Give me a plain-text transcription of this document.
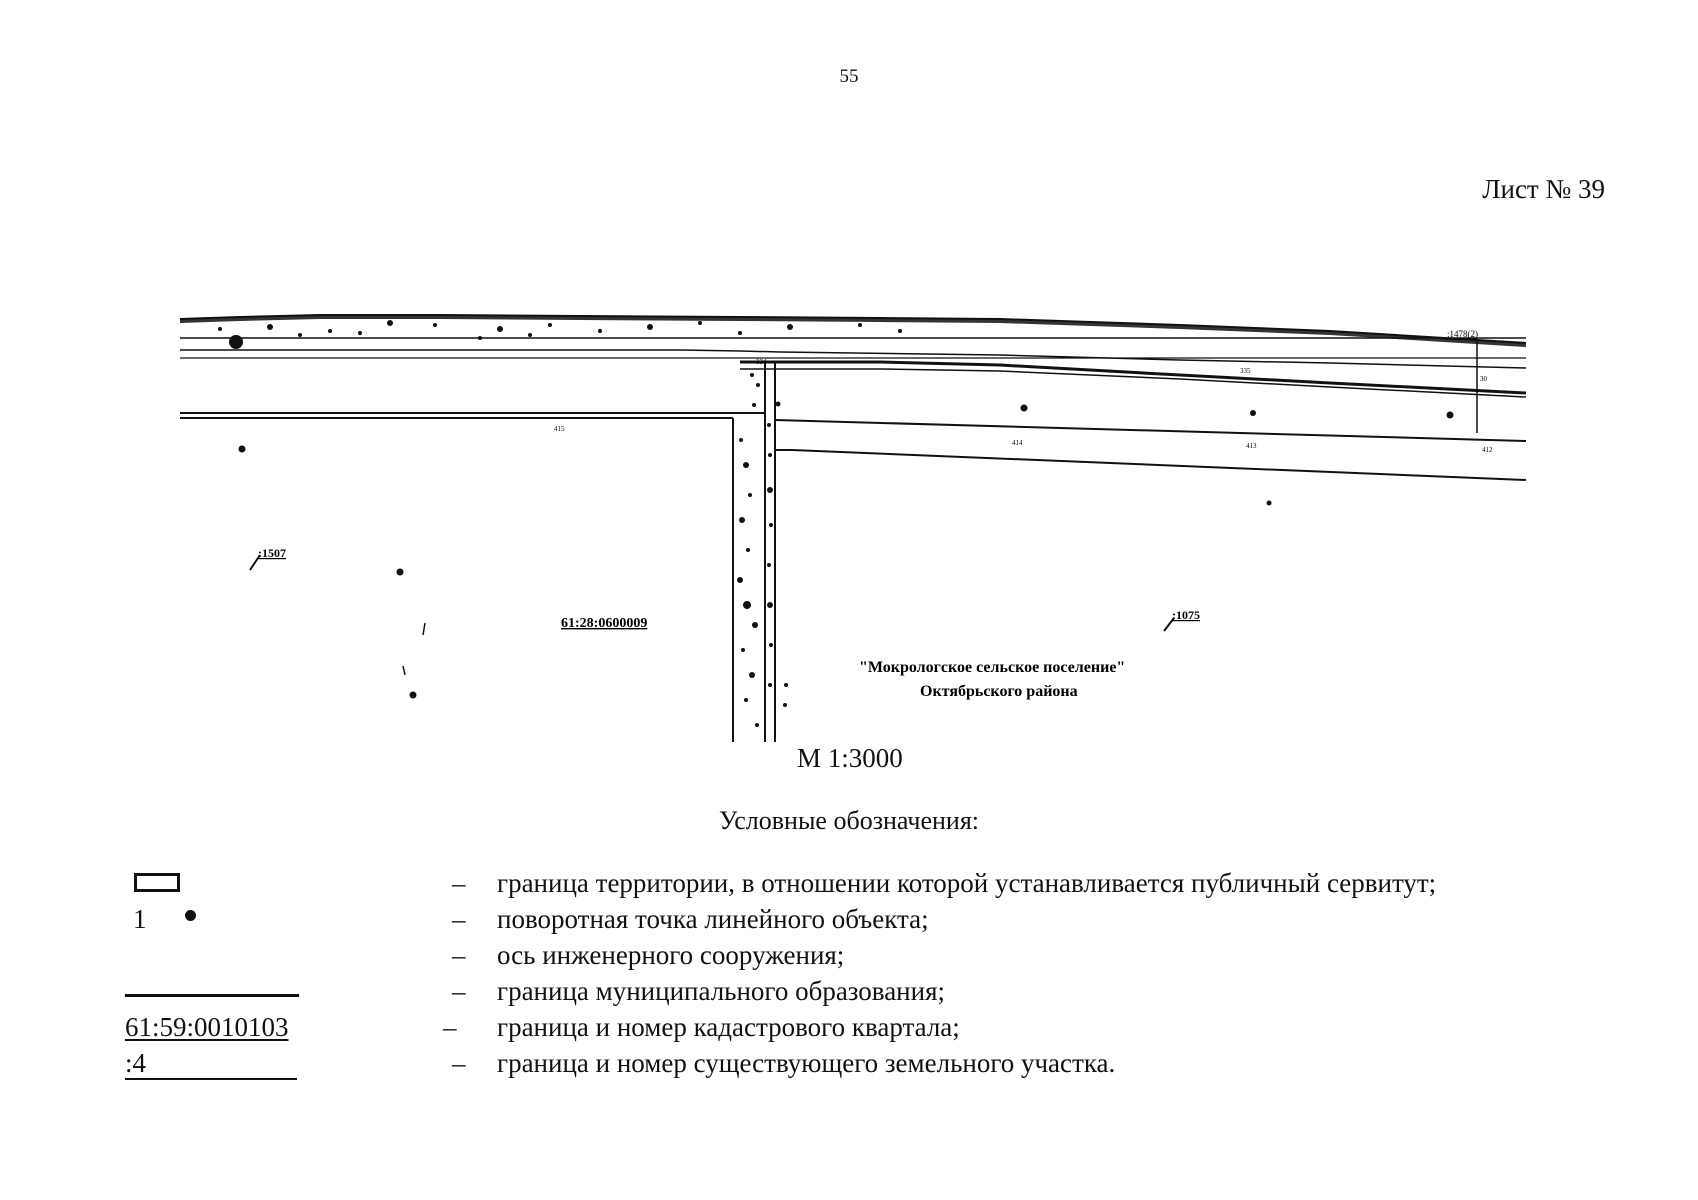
55
Лист № 39
334
335
415
414	413	412
30
:1478(2)
:1507
:1075
61:28:0600009
"Мокрологское сельское поселение"
Октябрьского района
М 1:3000
Условные обозначения:
– граница территории, в отношении которой устанавливается публичный сервитут;
1	– поворотная точка линейного объекта;
– ось инженерного сооружения;
– граница муниципального образования;
61:59:0010103	– граница и номер кадастрового квартала;
:4	– граница и номер существующего земельного участка.
